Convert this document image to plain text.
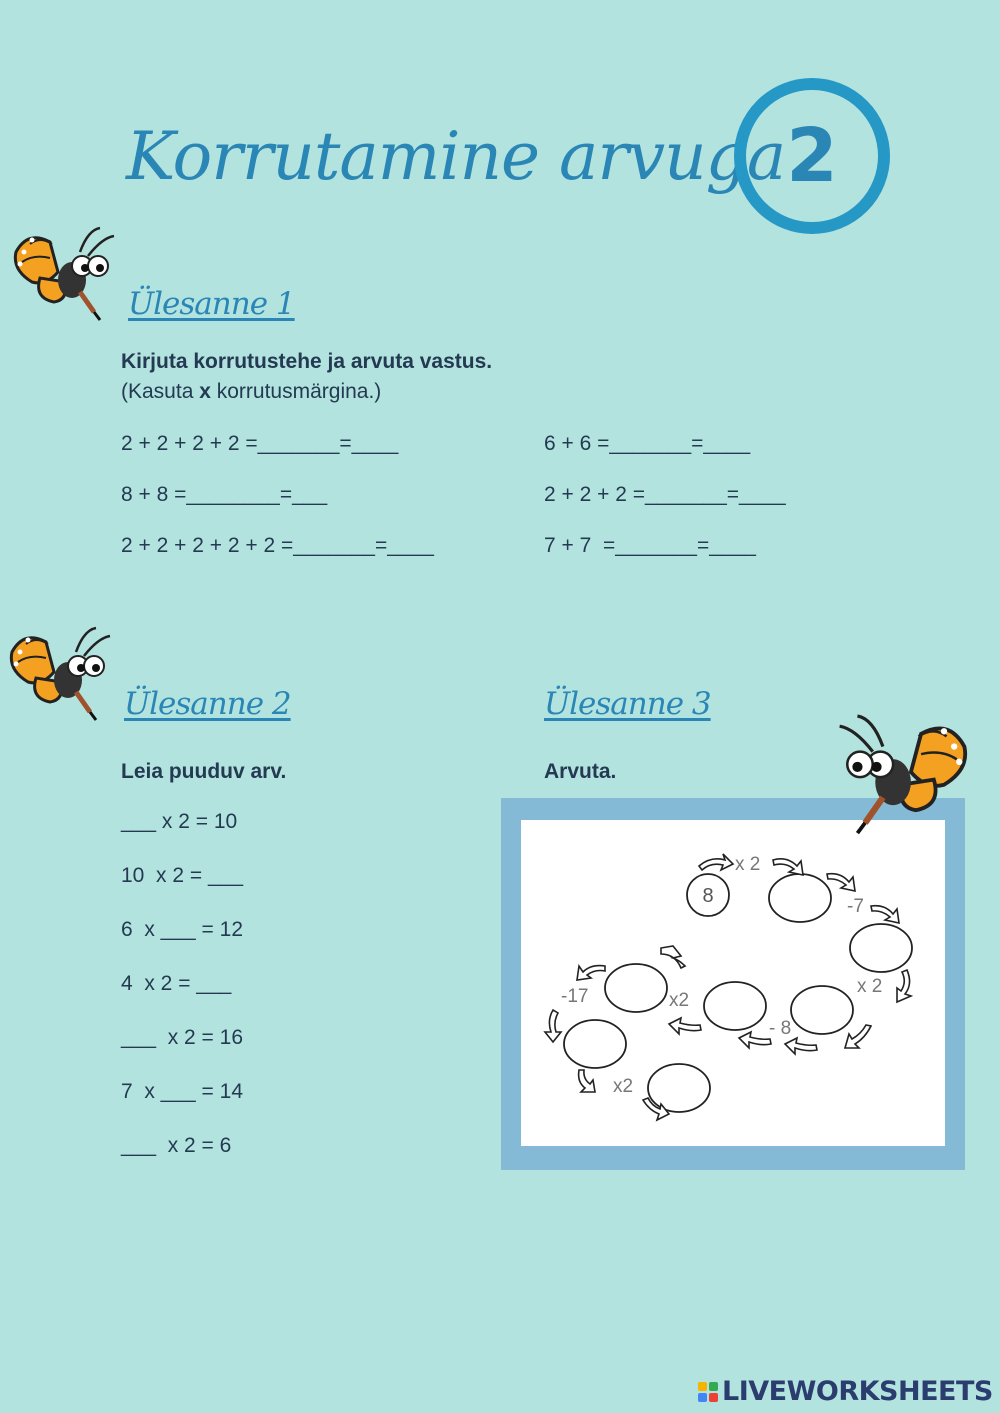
Korrutamine arvuga 2
Ülesanne 1
Kirjuta korrutustehe ja arvuta vastus.
(Kasuta x korrutusmärgina.)
2 + 2 + 2 + 2 =_______=____
8 + 8 =________=___
2 + 2 + 2 + 2 + 2 =_______=____
6 + 6 =_______=____
2 + 2 + 2 =_______=____
7 + 7  =_______=____
Ülesanne 2
Leia puuduv arv.
___ x 2 = 10
10  x 2 = ___
6  x ___ = 12
4  x 2 = ___
___  x 2 = 16
7  x ___ = 14
___  x 2 = 6
Ülesanne 3
Arvuta.
8
x 2
-7
x 2
- 8
x2
-17
x2
LIVEWORKSHEETS
